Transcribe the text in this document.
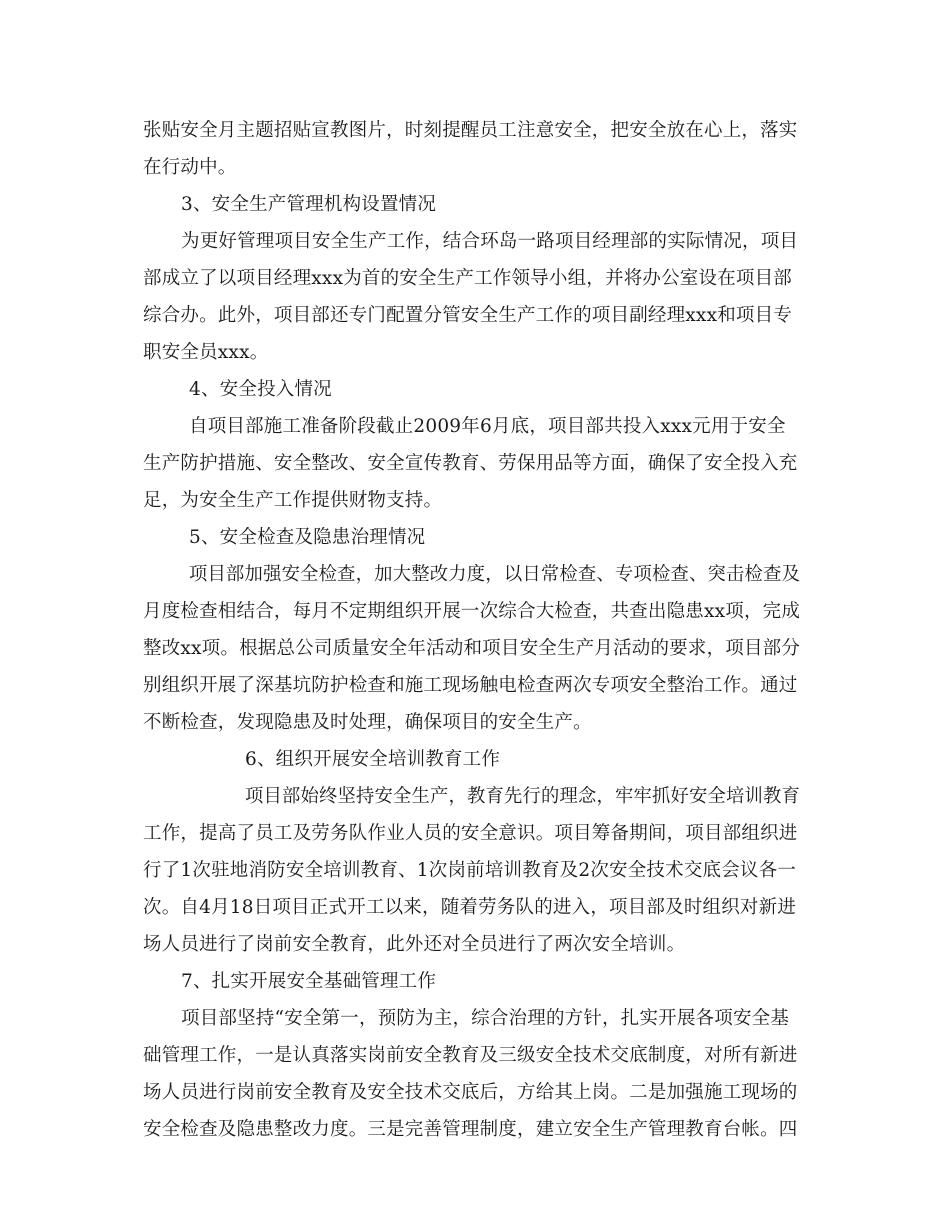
张贴安全月主题招贴宣教图片，时刻提醒员工注意安全，把安全放在心上，落实
在行动中。
3、安全生产管理机构设置情况
为更好管理项目安全生产工作，结合环岛一路项目经理部的实际情况，项目
部成立了以项目经理xxx为首的安全生产工作领导小组，并将办公室设在项目部
综合办。此外，项目部还专门配置分管安全生产工作的项目副经理xxx和项目专
职安全员xxx。
4、安全投入情况
自项目部施工准备阶段截止2009年6月底，项目部共投入xxx元用于安全
生产防护措施、安全整改、安全宣传教育、劳保用品等方面，确保了安全投入充
足，为安全生产工作提供财物支持。
5、安全检查及隐患治理情况
项目部加强安全检查，加大整改力度，以日常检查、专项检查、突击检查及
月度检查相结合，每月不定期组织开展一次综合大检查，共查出隐患xx项，完成
整改xx项。根据总公司质量安全年活动和项目安全生产月活动的要求，项目部分
别组织开展了深基坑防护检查和施工现场触电检查两次专项安全整治工作。通过
不断检查，发现隐患及时处理，确保项目的安全生产。
6、组织开展安全培训教育工作
项目部始终坚持安全生产，教育先行的理念，牢牢抓好安全培训教育
工作，提高了员工及劳务队作业人员的安全意识。项目筹备期间，项目部组织进
行了1次驻地消防安全培训教育、1次岗前培训教育及2次安全技术交底会议各一
次。自4月18日项目正式开工以来，随着劳务队的进入，项目部及时组织对新进
场人员进行了岗前安全教育，此外还对全员进行了两次安全培训。
7、扎实开展安全基础管理工作
项目部坚持“安全第一，预防为主，综合治理的方针，扎实开展各项安全基
础管理工作，一是认真落实岗前安全教育及三级安全技术交底制度，对所有新进
场人员进行岗前安全教育及安全技术交底后，方给其上岗。二是加强施工现场的
安全检查及隐患整改力度。三是完善管理制度，建立安全生产管理教育台帐。四
